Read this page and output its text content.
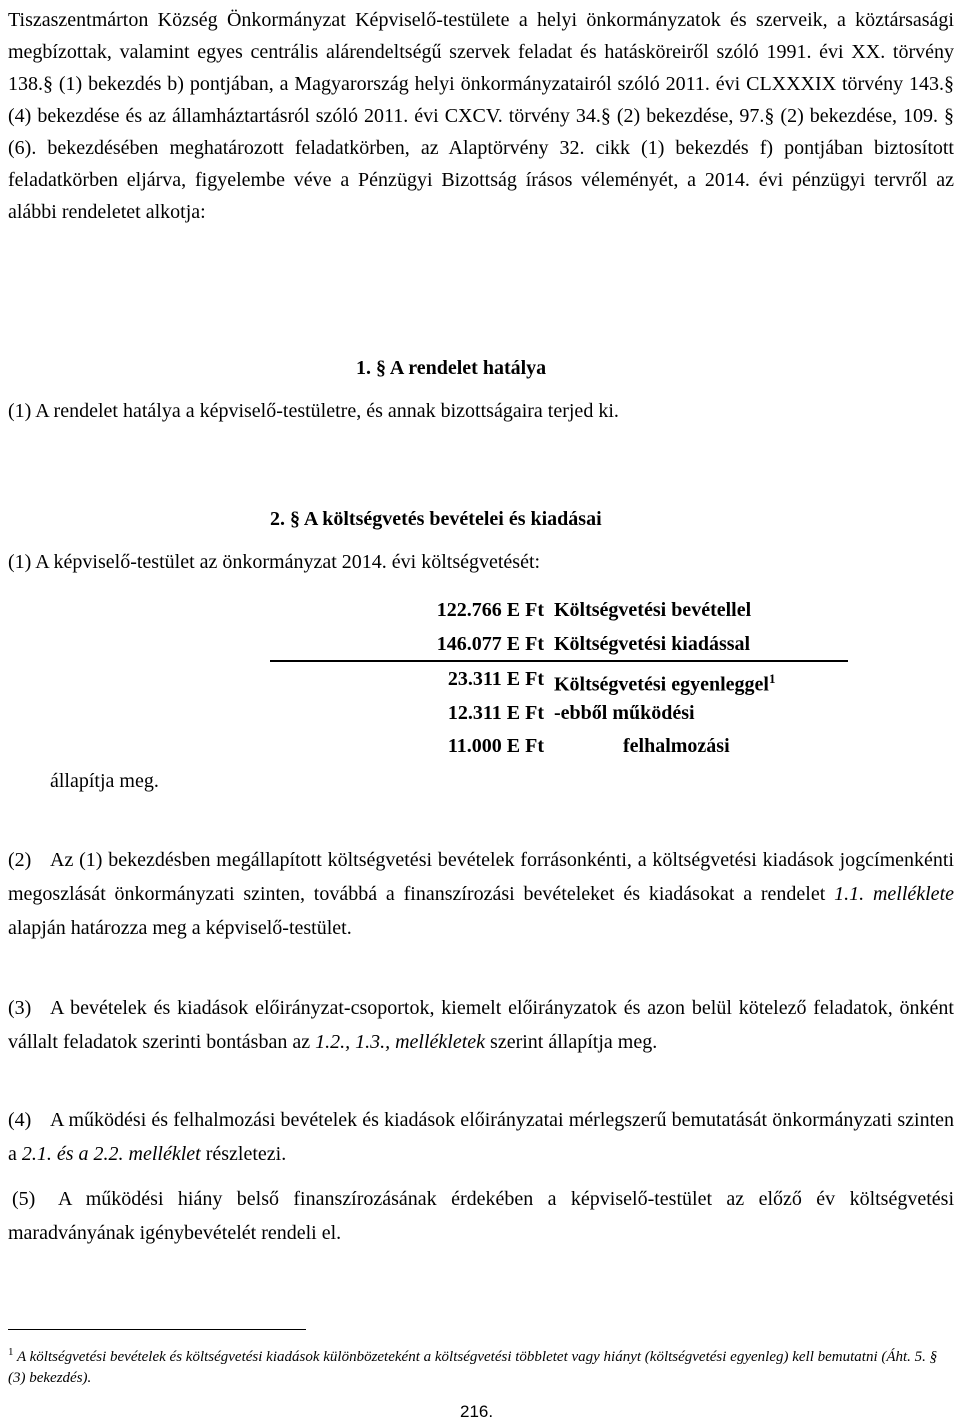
Tiszaszentmárton Község Önkormányzat Képviselő-testülete a helyi önkormányzatok és szerveik, a köztársasági megbízottak, valamint egyes centrális alárendeltségű szervek feladat és hatásköreiről szóló 1991. évi XX. törvény 138.§ (1) bekezdés b) pontjában, a Magyarország helyi önkormányzatairól szóló 2011. évi CLXXXIX törvény 143.§ (4) bekezdése és az államháztartásról szóló 2011. évi CXCV. törvény 34.§ (2) bekezdése, 97.§ (2) bekezdése, 109. § (6). bekezdésében meghatározott feladatkörben, az Alaptörvény 32. cikk (1) bekezdés f) pontjában biztosított feladatkörben eljárva, figyelembe véve a Pénzügyi Bizottság írásos véleményét, a 2014. évi pénzügyi tervről az alábbi rendeletet alkotja:
1. § A rendelet hatálya
(1) A rendelet hatálya a képviselő-testületre, és annak bizottságaira terjed ki.
2. § A költségvetés bevételei és kiadásai
(1) A képviselő-testület az önkormányzat 2014. évi költségvetését:
122.766 E Ft Költségvetési bevétellel
146.077 E Ft Költségvetési kiadással
23.311 E Ft Költségvetési egyenleggel$^1$
12.311 E Ft -ebből működési
11.000 E Ft	felhalmozási
állapítja meg.
(2) Az (1) bekezdésben megállapított költségvetési bevételek forrásonkénti, a költségvetési kiadások jogcímenkénti megoszlását önkormányzati szinten, továbbá a finanszírozási bevételeket és kiadásokat a rendelet 1.1. melléklete alapján határozza meg a képviselő-testület.
(3) A bevételek és kiadások előirányzat-csoportok, kiemelt előirányzatok és azon belül kötelező feladatok, önként vállalt feladatok szerinti bontásban az 1.2., 1.3., mellékletek szerint állapítja meg.
(4) A működési és felhalmozási bevételek és kiadások előirányzatai mérlegszerű bemutatását önkormányzati szinten a 2.1. és a 2.2. melléklet részletezi.
(5) A működési hiány belső finanszírozásának érdekében a képviselő-testület az előző év költségvetési maradványának igénybevételét rendeli el.
$^1$ A költségvetési bevételek és költségvetési kiadások különbözeteként a költségvetési többletet vagy hiányt (költségvetési egyenleg) kell bemutatni (Áht. 5. § (3) bekezdés).
216.
